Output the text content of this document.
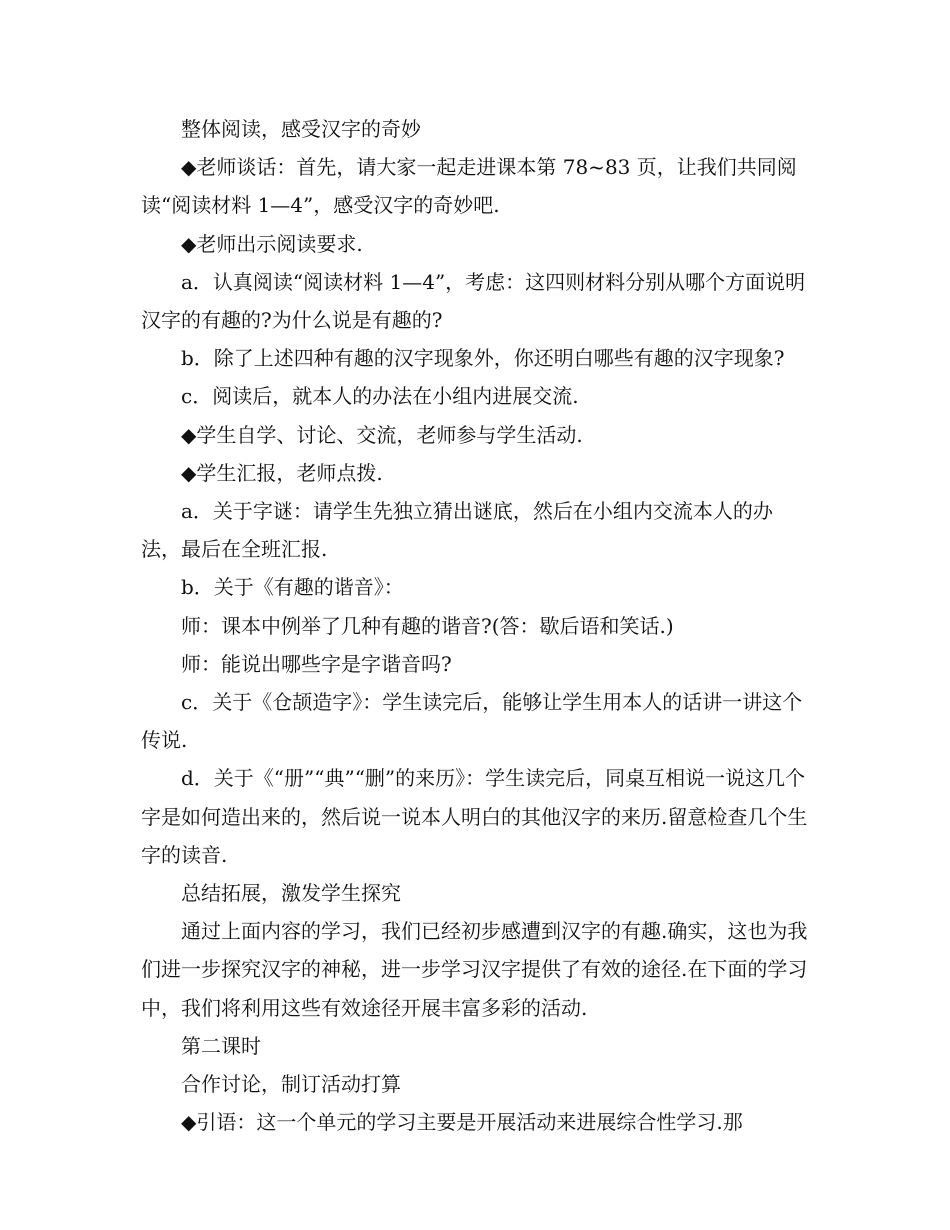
整体阅读，感受汉字的奇妙

◆老师谈话：首先，请大家一起走进课本第 78~83 页，让我们共同阅读“阅读材料 1—4”，感受汉字的奇妙吧.

◆老师出示阅读要求.

a．认真阅读“阅读材料 1—4”，考虑：这四则材料分别从哪个方面说明汉字的有趣的?为什么说是有趣的?

b．除了上述四种有趣的汉字现象外，你还明白哪些有趣的汉字现象?

c．阅读后，就本人的办法在小组内进展交流.

◆学生自学、讨论、交流，老师参与学生活动.

◆学生汇报，老师点拨.

a．关于字谜：请学生先独立猜出谜底，然后在小组内交流本人的办法，最后在全班汇报.

b．关于《有趣的谐音》：

师：课本中例举了几种有趣的谐音?(答：歇后语和笑话.)

师：能说出哪些字是字谐音吗?

c．关于《仓颉造字》：学生读完后，能够让学生用本人的话讲一讲这个传说.

d．关于《“册”“典”“删”的来历》：学生读完后，同桌互相说一说这几个字是如何造出来的，然后说一说本人明白的其他汉字的来历.留意检查几个生字的读音.

总结拓展，激发学生探究

通过上面内容的学习，我们已经初步感遭到汉字的有趣.确实，这也为我们进一步探究汉字的神秘，进一步学习汉字提供了有效的途径.在下面的学习中，我们将利用这些有效途径开展丰富多彩的活动.

第二课时

合作讨论，制订活动打算

◆引语：这一个单元的学习主要是开展活动来进展综合性学习.那
